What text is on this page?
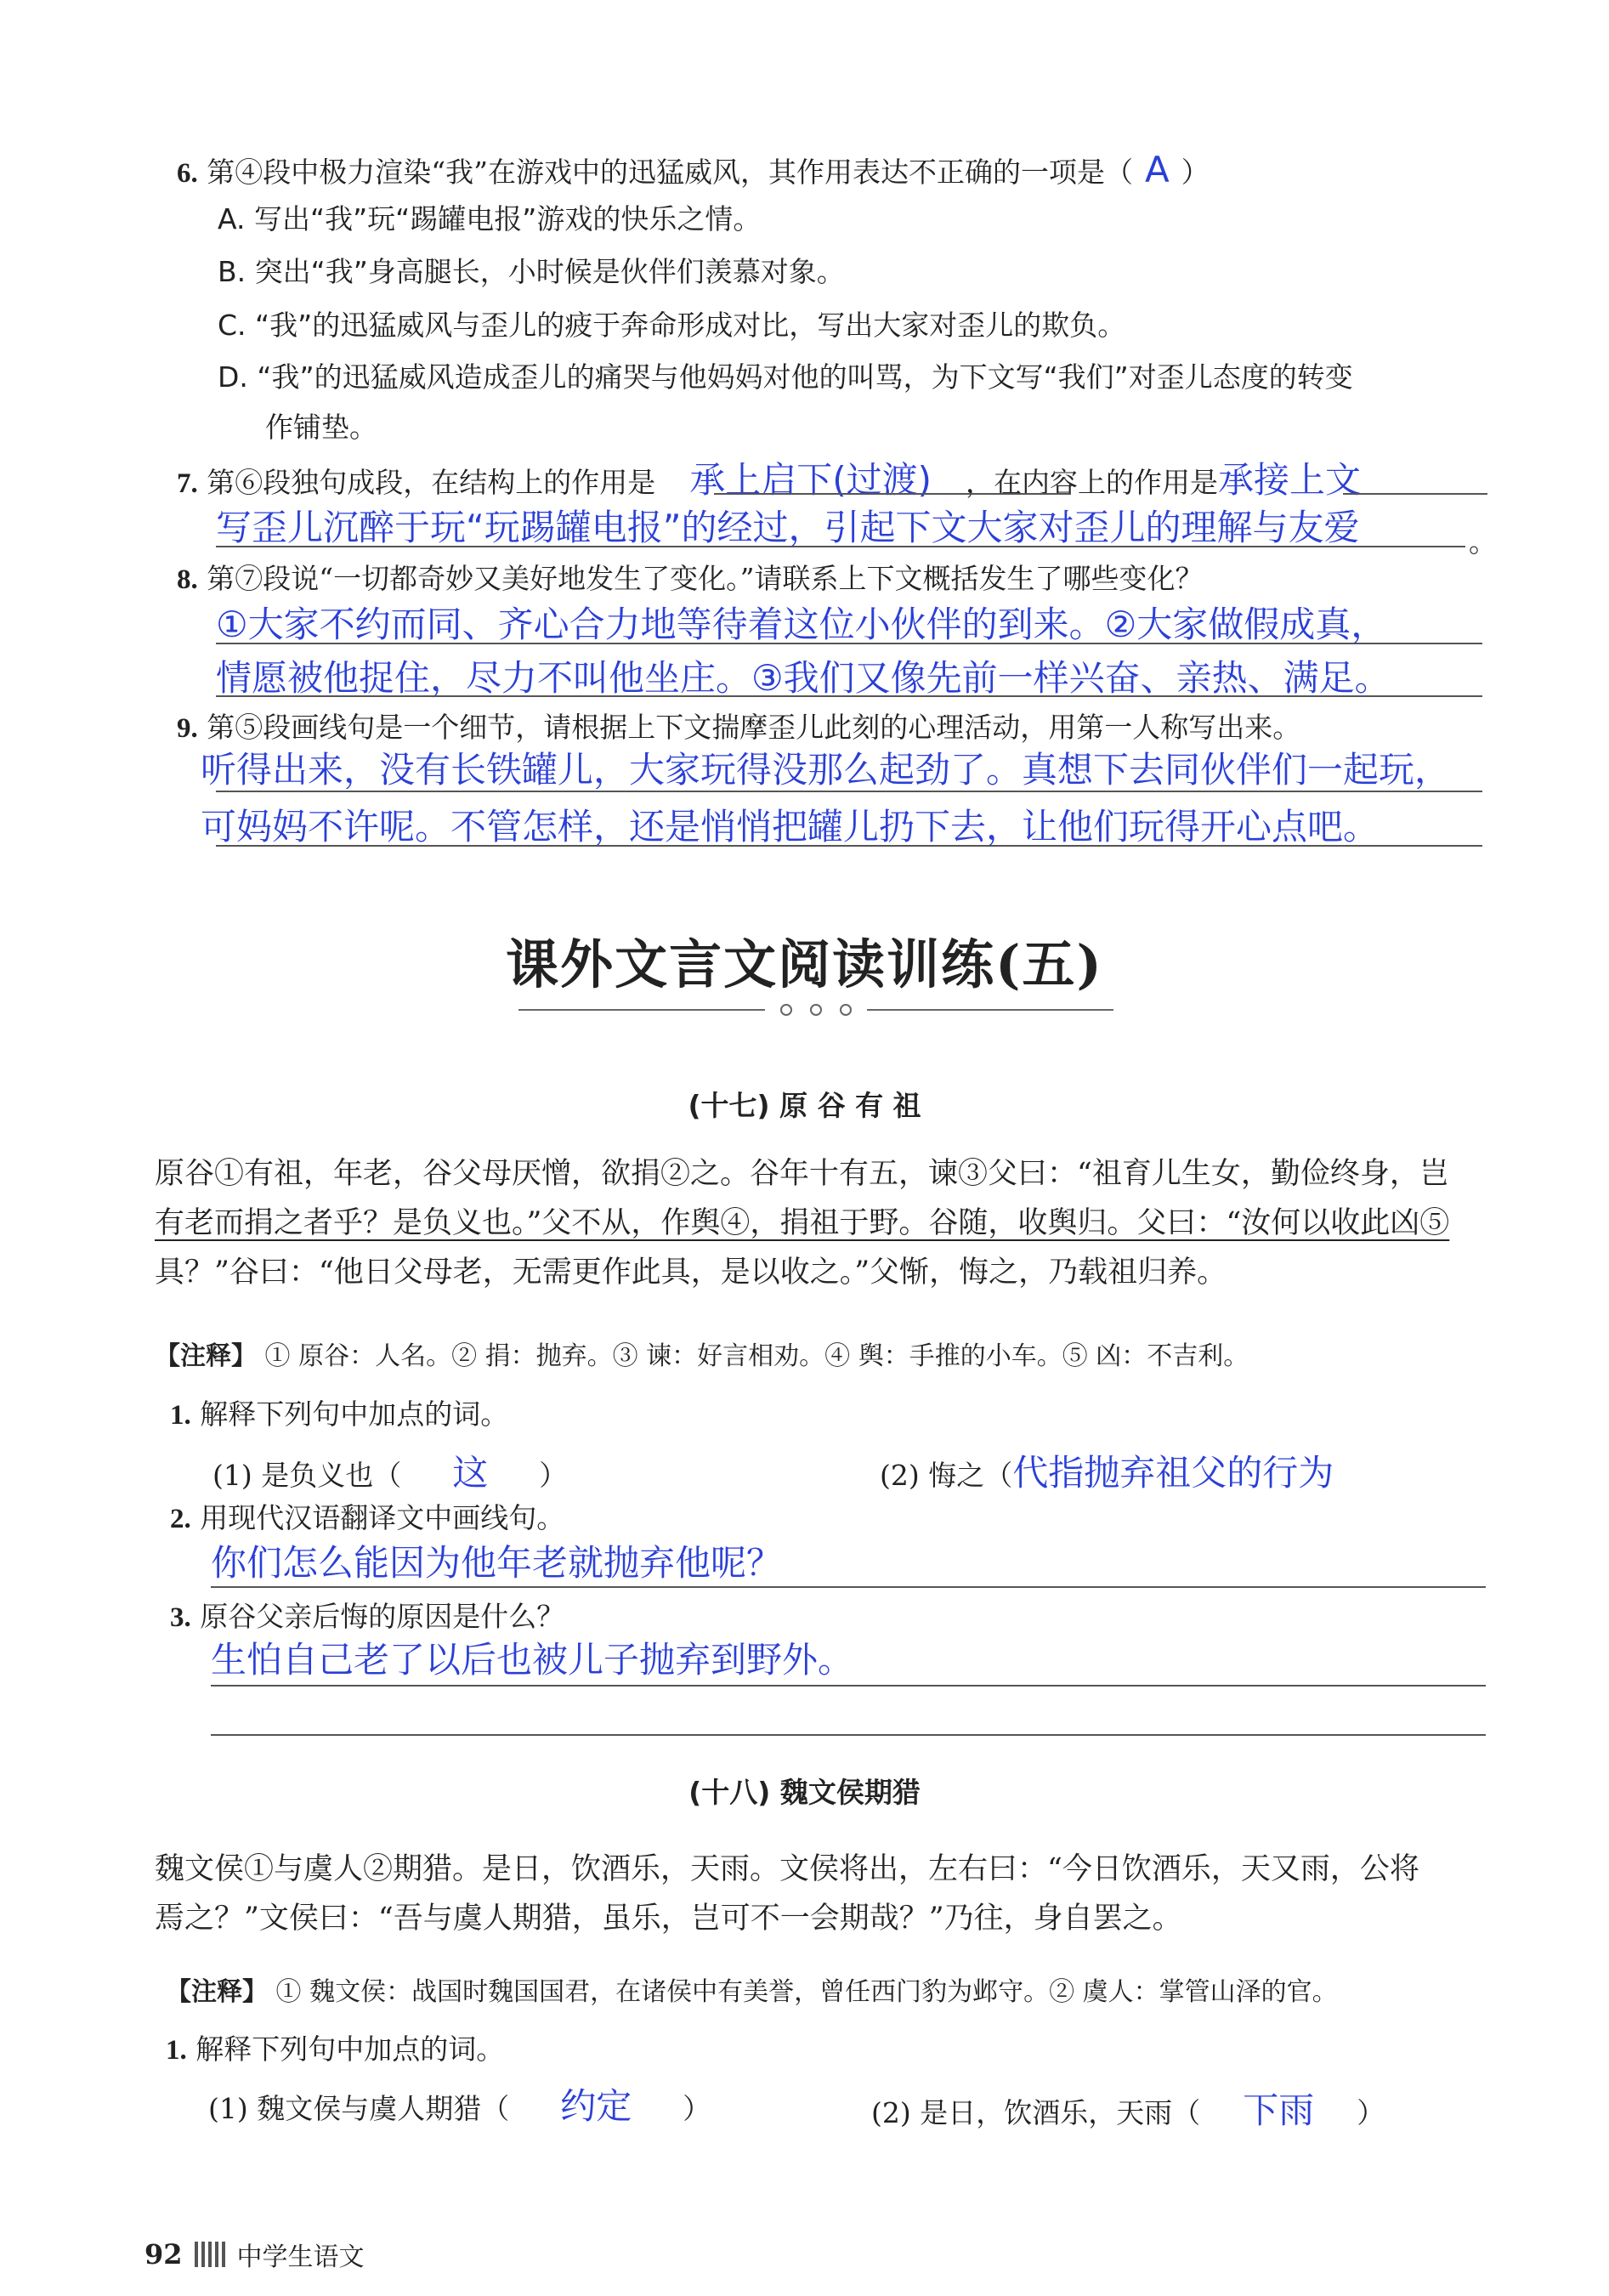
6. 第④段中极力渲染“我”在游戏中的迅猛威风，其作用表达不正确的一项是（ A ）
A. 写出“我”玩“踢罐电报”游戏的快乐之情。
B. 突出“我”身高腿长，小时候是伙伴们羡慕对象。
C. “我”的迅猛威风与歪儿的疲于奔命形成对比，写出大家对歪儿的欺负。
D. “我”的迅猛威风造成歪儿的痛哭与他妈妈对他的叫骂，为下文写“我们”对歪儿态度的转变
作铺垫。
7. 第⑥段独句成段，在结构上的作用是 承上启下(过渡) ，在内容上的作用是承接上文
写歪儿沉醉于玩“玩踢罐电报”的经过，引起下文大家对歪儿的理解与友爱	。
8. 第⑦段说“一切都奇妙又美好地发生了变化。”请联系上下文概括发生了哪些变化？
①大家不约而同、齐心合力地等待着这位小伙伴的到来。②大家做假成真，
情愿被他捉住，尽力不叫他坐庄。③我们又像先前一样兴奋、亲热、满足。
9. 第⑤段画线句是一个细节，请根据上下文揣摩歪儿此刻的心理活动，用第一人称写出来。
听得出来，没有长铁罐儿，大家玩得没那么起劲了。真想下去同伙伴们一起玩，
可妈妈不许呢。不管怎样，还是悄悄把罐儿扔下去，让他们玩得开心点吧。
课外文言文阅读训练(五)
(十七) 原 谷 有 祖
原谷①有祖，年老，谷父母厌憎，欲捐②之。谷年十有五，谏③父曰：“祖育儿生女，勤俭终身，岂
有老而捐之者乎？是负义也。”父不从，作舆④，捐祖于野。谷随，收舆归。父曰：“汝何以收此凶⑤
具？”谷曰：“他日父母老，无需更作此具，是以收之。”父惭，悔之，乃载祖归养。
【注释】 ① 原谷：人名。② 捐：抛弃。③ 谏：好言相劝。④ 舆：手推的小车。⑤ 凶：不吉利。
1. 解释下列句中加点的词。
(1) 是负义也（ 这 ）	(2) 悔之（代指抛弃祖父的行为
2. 用现代汉语翻译文中画线句。
你们怎么能因为他年老就抛弃他呢？
3. 原谷父亲后悔的原因是什么？
生怕自己老了以后也被儿子抛弃到野外。
(十八) 魏文侯期猎
魏文侯①与虞人②期猎。是日，饮酒乐，天雨。文侯将出，左右曰：“今日饮酒乐，天又雨，公将
焉之？”文侯曰：“吾与虞人期猎，虽乐，岂可不一会期哉？”乃往，身自罢之。
【注释】 ① 魏文侯：战国时魏国国君，在诸侯中有美誉，曾任西门豹为邺守。② 虞人：掌管山泽的官。
1. 解释下列句中加点的词。
(1) 魏文侯与虞人期猎（ 约定 ）	(2) 是日，饮酒乐，天雨（ 下雨 ）
92 中学生语文
